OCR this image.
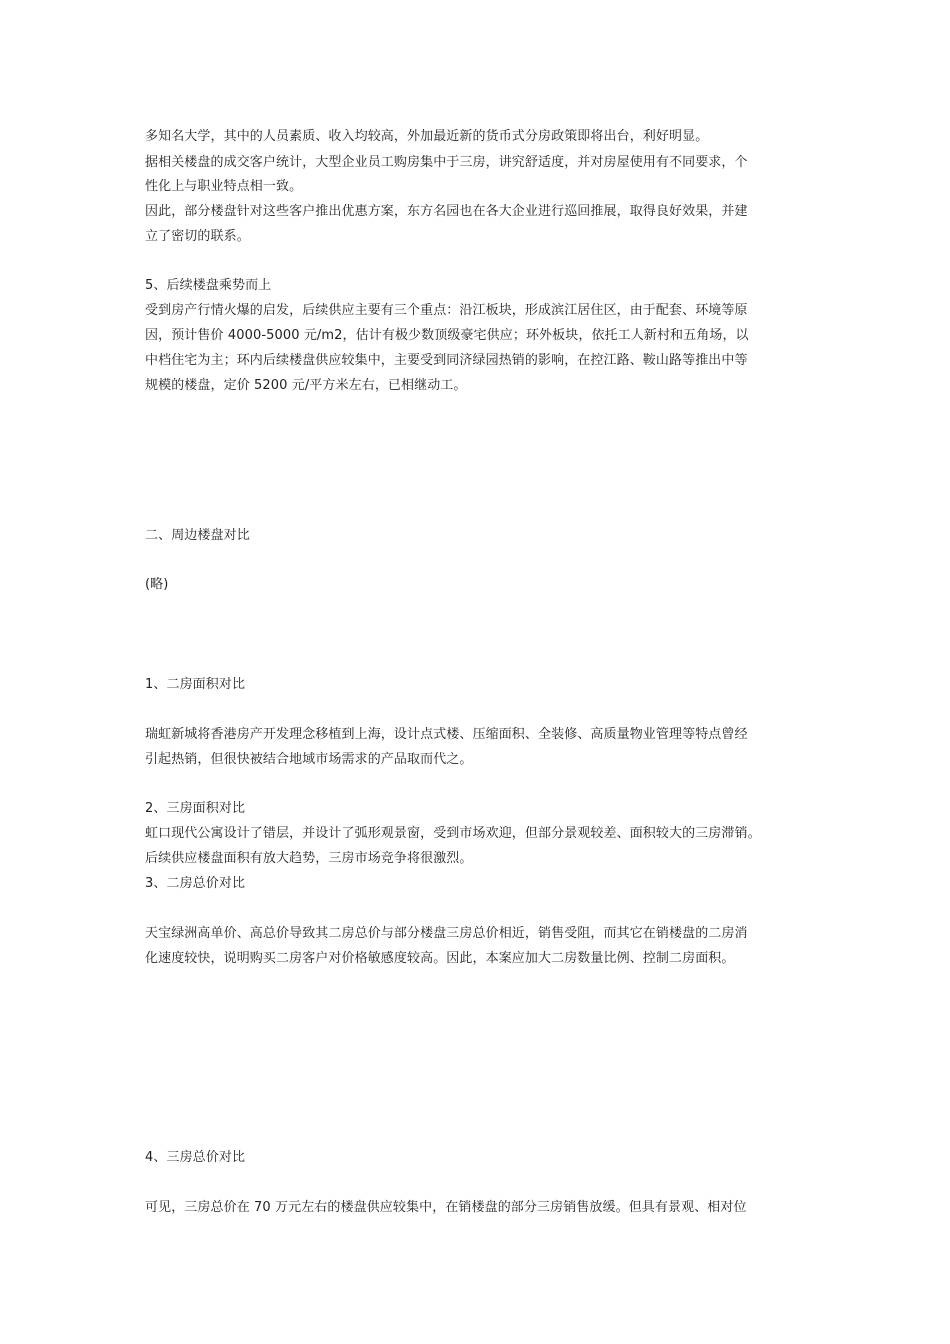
多知名大学，其中的人员素质、收入均较高，外加最近新的货币式分房政策即将出台，利好明显。
据相关楼盘的成交客户统计，大型企业员工购房集中于三房，讲究舒适度，并对房屋使用有不同要求，个
性化上与职业特点相一致。
因此，部分楼盘针对这些客户推出优惠方案，东方名园也在各大企业进行巡回推展，取得良好效果，并建
立了密切的联系。
5、后续楼盘乘势而上
受到房产行情火爆的启发，后续供应主要有三个重点：沿江板块，形成滨江居住区，由于配套、环境等原
因，预计售价 4000-5000 元/m2，估计有极少数顶级豪宅供应；环外板块，依托工人新村和五角场，以
中档住宅为主；环内后续楼盘供应较集中，主要受到同济绿园热销的影响，在控江路、鞍山路等推出中等
规模的楼盘，定价 5200 元/平方米左右，已相继动工。
二、周边楼盘对比
(略)
1、二房面积对比
瑞虹新城将香港房产开发理念移植到上海，设计点式楼、压缩面积、全装修、高质量物业管理等特点曾经
引起热销，但很快被结合地域市场需求的产品取而代之。
2、三房面积对比
虹口现代公寓设计了错层，并设计了弧形观景窗，受到市场欢迎，但部分景观较差、面积较大的三房滞销。
后续供应楼盘面积有放大趋势，三房市场竞争将很激烈。
3、二房总价对比
天宝绿洲高单价、高总价导致其二房总价与部分楼盘三房总价相近，销售受阻，而其它在销楼盘的二房消
化速度较快，说明购买二房客户对价格敏感度较高。因此，本案应加大二房数量比例、控制二房面积。
4、三房总价对比
可见，三房总价在 70 万元左右的楼盘供应较集中，在销楼盘的部分三房销售放缓。但具有景观、相对位
